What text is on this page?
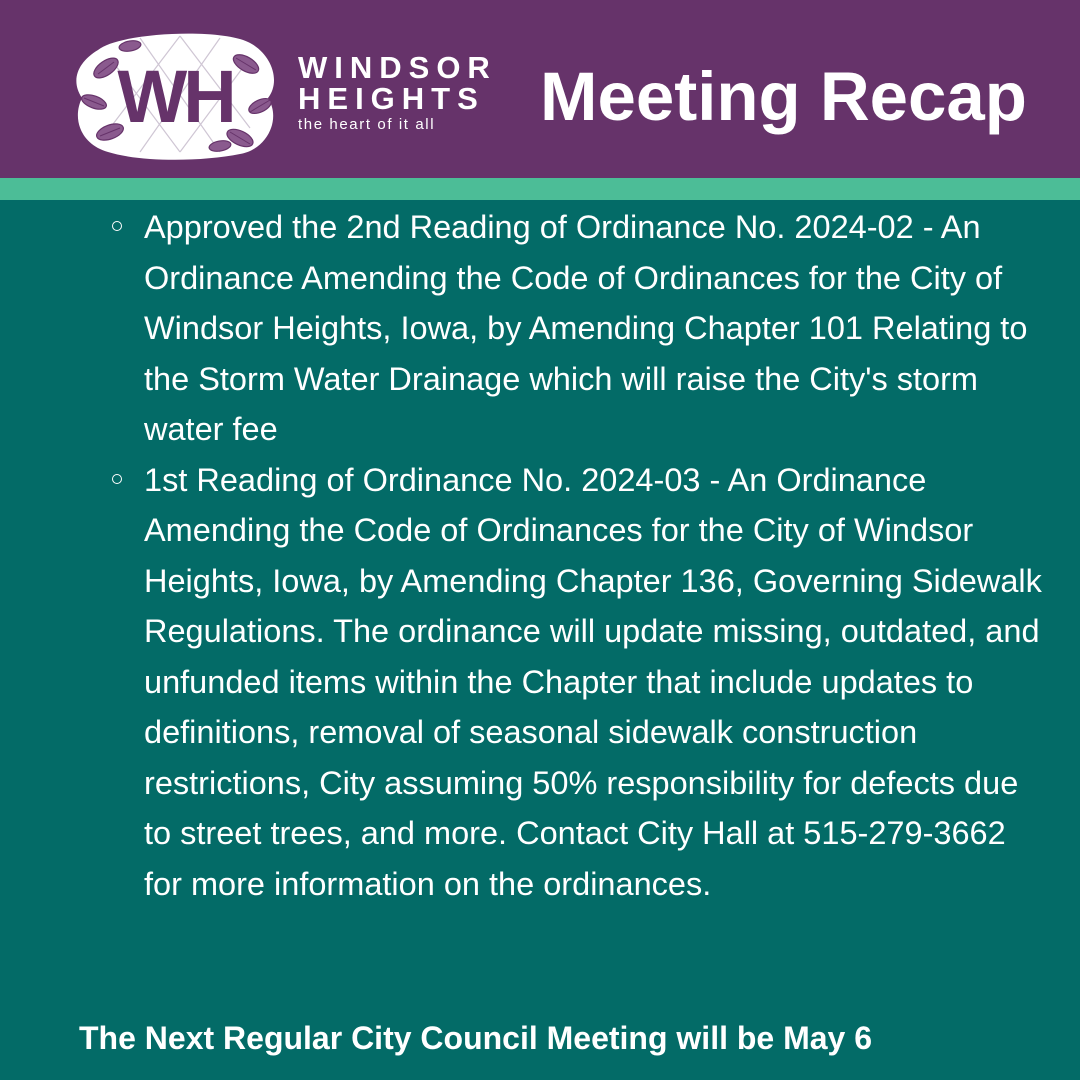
WH WINDSOR
HEIGHTS
the heart of it all	Meeting Recap
Approved the 2nd Reading of Ordinance No. 2024-02 - An Ordinance Amending the Code of Ordinances for the City of Windsor Heights, Iowa, by Amending Chapter 101 Relating to the Storm Water Drainage which will raise the City's storm water fee
1st Reading of Ordinance No. 2024-03 - An Ordinance Amending the Code of Ordinances for the City of Windsor Heights, Iowa, by Amending Chapter 136, Governing Sidewalk Regulations. The ordinance will update missing, outdated, and unfunded items within the Chapter that include updates to definitions, removal of seasonal sidewalk construction restrictions, City assuming 50% responsibility for defects due to street trees, and more. Contact City Hall at 515-279-3662 for more information on the ordinances.
The Next Regular City Council Meeting will be May 6
